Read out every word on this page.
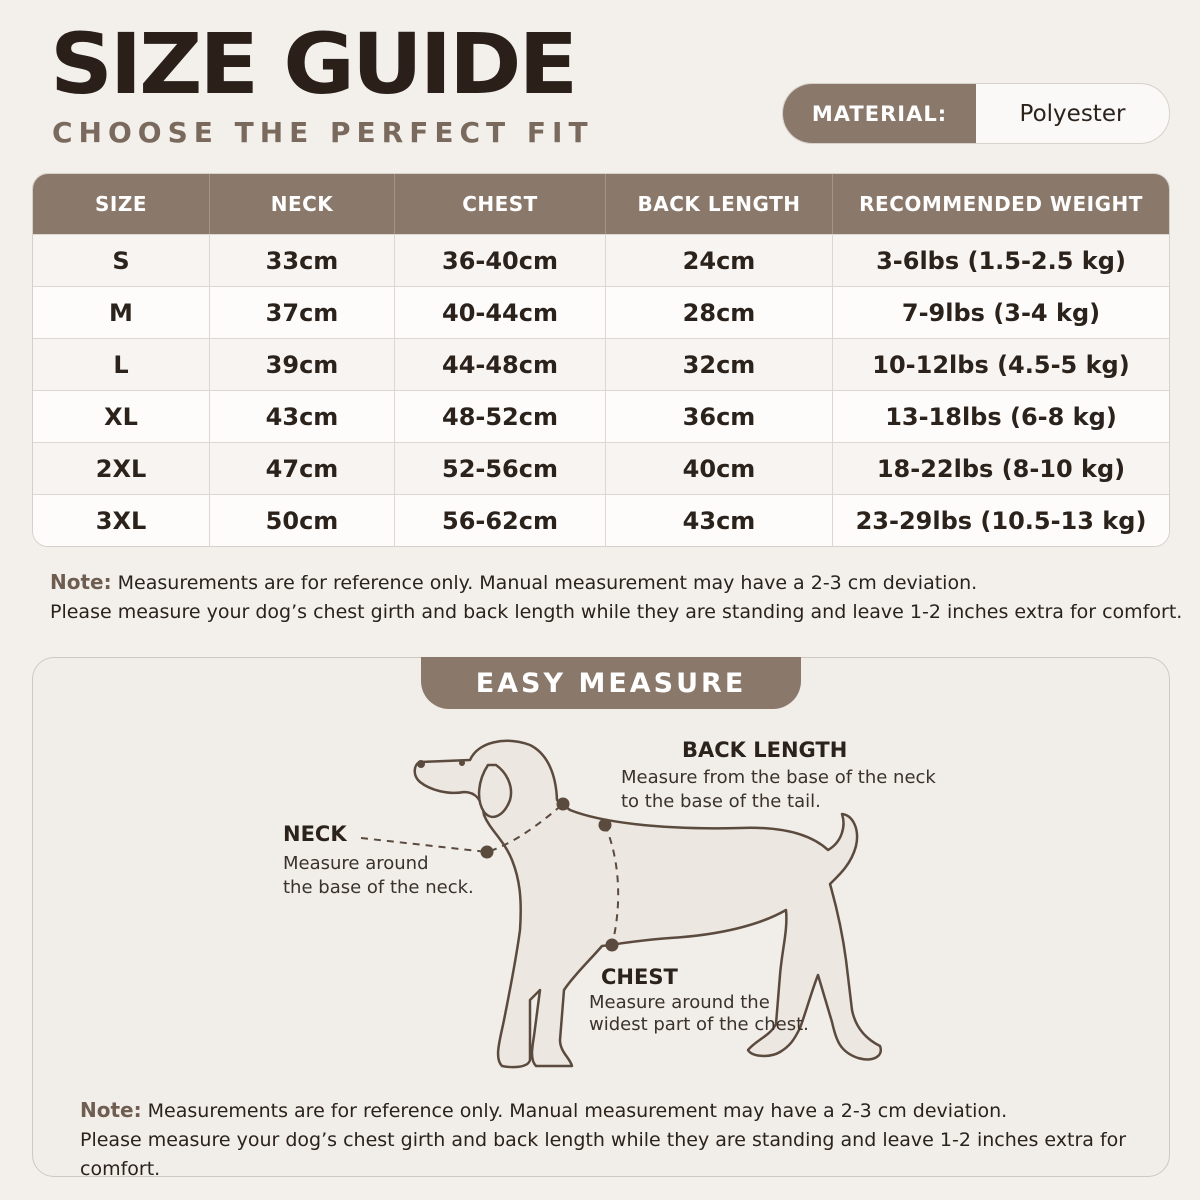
SIZE GUIDE
CHOOSE THE PERFECT FIT
MATERIAL:	Polyester
SIZE	NECK	CHEST	BACK LENGTH	RECOMMENDED WEIGHT
S	33cm	36-40cm	24cm	3-6lbs (1.5-2.5 kg)
M	37cm	40-44cm	28cm	7-9lbs (3-4 kg)
L	39cm	44-48cm	32cm	10-12lbs (4.5-5 kg)
XL	43cm	48-52cm	36cm	13-18lbs (6-8 kg)
2XL	47cm	52-56cm	40cm	18-22lbs (8-10 kg)
3XL	50cm	56-62cm	43cm	23-29lbs (10.5-13 kg)
Note: Measurements are for reference only. Manual measurement may have a 2-3 cm deviation.
Please measure your dog’s chest girth and back length while they are standing and leave 1-2 inches extra for comfort.
EASY MEASURE
BACK LENGTH
Measure from the base of the neck
to the base of the tail.
NECK
Measure around
the base of the neck.
CHEST
Measure around the
widest part of the chest.
Note: Measurements are for reference only. Manual measurement may have a 2-3 cm deviation.
Please measure your dog’s chest girth and back length while they are standing and leave 1-2 inches extra for comfort.
